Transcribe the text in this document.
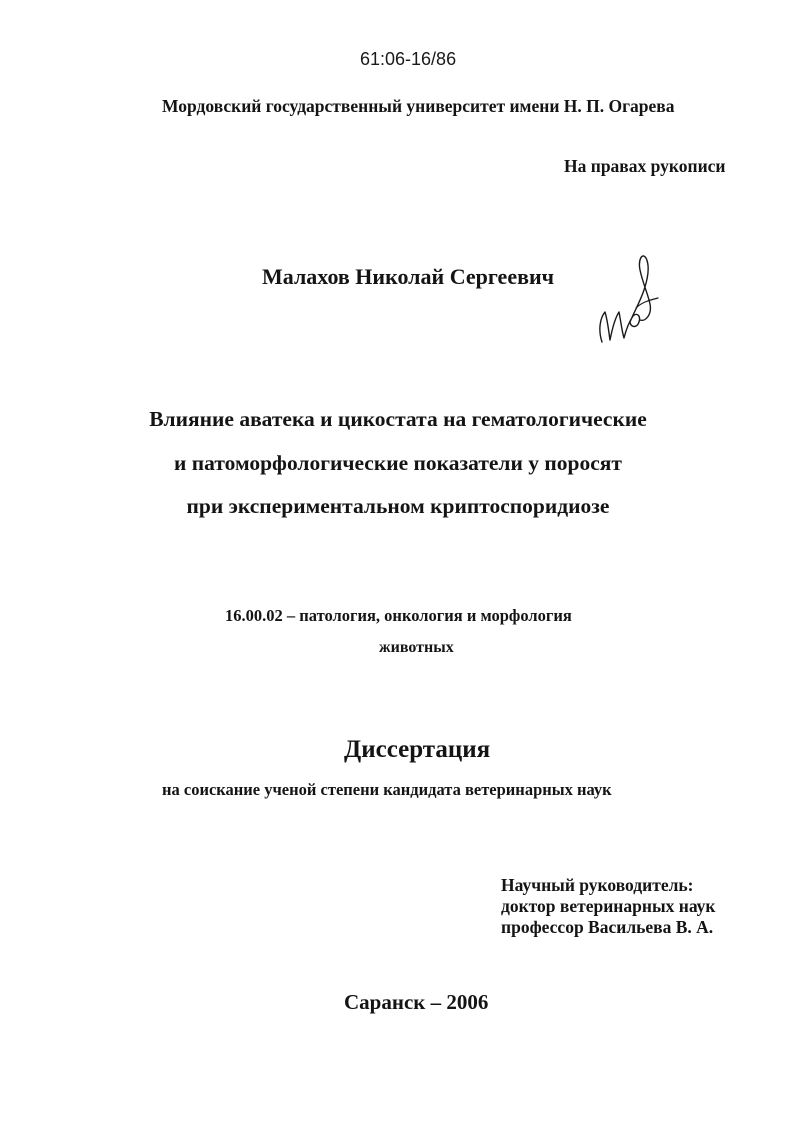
61:06-16/86

Мордовский государственный университет имени Н. П. Огарева

На правах рукописи

Малахов Николай Сергеевич

Влияние аватека и цикостата на гематологические
и патоморфологические показатели у поросят
при экспериментальном криптоспоридиозе

16.00.02 – патология, онкология и морфология

животных

Диссертация

на соискание ученой степени кандидата ветеринарных наук

Научный руководитель:
доктор ветеринарных наук
профессор Васильева В. А.

Саранск – 2006
